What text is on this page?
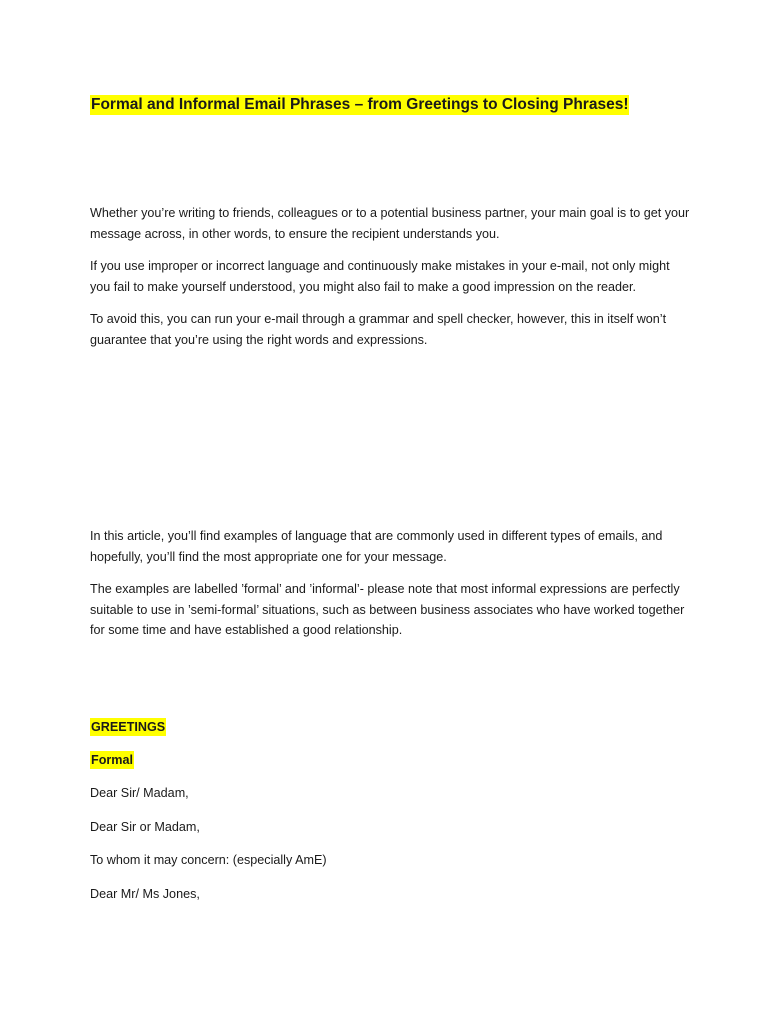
Formal and Informal Email Phrases – from Greetings to Closing Phrases!

Whether you’re writing to friends, colleagues or to a potential business partner, your main goal is to get your message across, in other words, to ensure the recipient understands you.

If you use improper or incorrect language and continuously make mistakes in your e-mail, not only might you fail to make yourself understood, you might also fail to make a good impression on the reader.

To avoid this, you can run your e-mail through a grammar and spell checker, however, this in itself won’t guarantee that you’re using the right words and expressions.

In this article, you’ll find examples of language that are commonly used in different types of emails, and hopefully, you’ll find the most appropriate one for your message.

The examples are labelled ’formal’ and ’informal’- please note that most informal expressions are perfectly suitable to use in ’semi-formal’ situations, such as between business associates who have worked together for some time and have established a good relationship.

GREETINGS
Formal
Dear Sir/ Madam,
Dear Sir or Madam,
To whom it may concern: (especially AmE)
Dear Mr/ Ms Jones,
